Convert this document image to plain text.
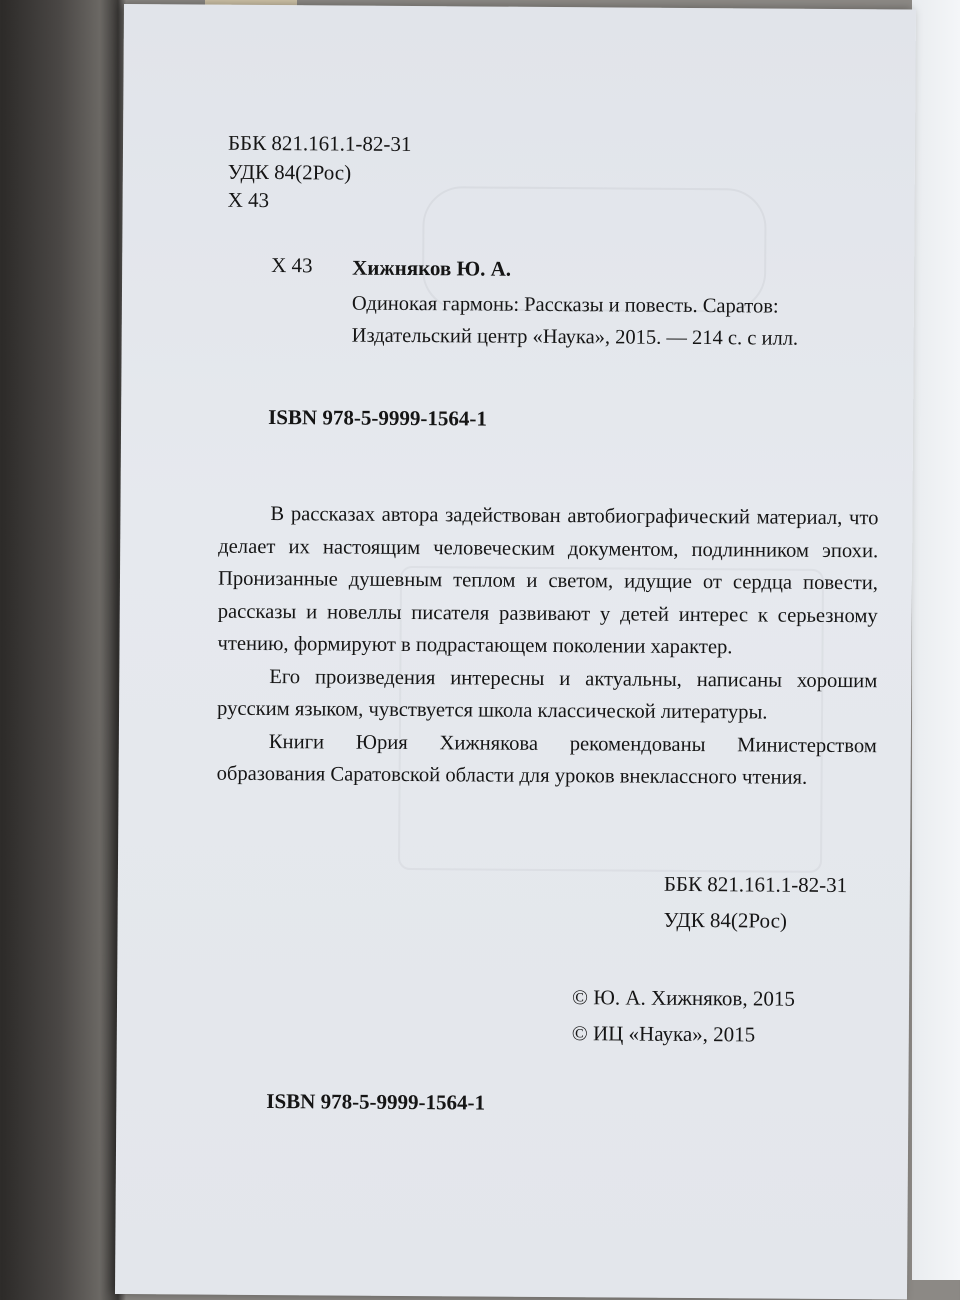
ББК 821.161.1-82-31
УДК 84(2Рос)
Х 43
Х 43 Хижняков Ю. А.
Одинокая гармонь: Рассказы и повесть. Саратов:
Издательский центр «Наука», 2015. — 214 с. с илл.
ISBN 978-5-9999-1564-1

В рассказах автора задействован автобиографический материал, что делает их настоящим человеческим документом, подлинником эпохи. Пронизанные душевным теплом и светом, идущие от сердца повести, рассказы и новеллы писателя развивают у детей интерес к серьезному чтению, формируют в подрастающем поколении характер.

Его произведения интересны и актуальны, написаны хорошим русским языком, чувствуется школа классической литературы.

Книги Юрия Хижнякова рекомендованы Министерством образования Саратовской области для уроков внеклассного чтения.

ББК 821.161.1-82-31
УДК 84(2Рос)
© Ю. А. Хижняков, 2015
© ИЦ «Наука», 2015
ISBN 978-5-9999-1564-1
